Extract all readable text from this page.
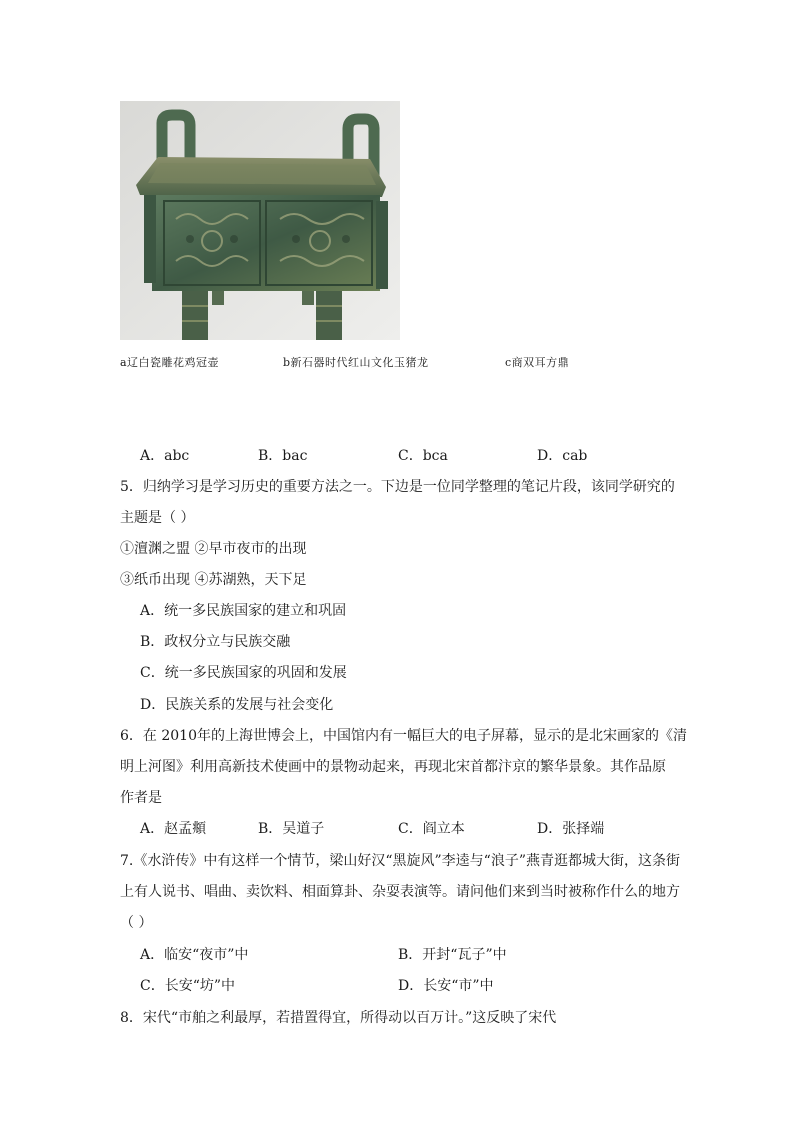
a辽白瓷雕花鸡冠壶	b新石器时代红山文化玉猪龙	c商双耳方鼎
A．abc	B．bac	C．bca	D．cab
5．归纳学习是学习历史的重要方法之一。下边是一位同学整理的笔记片段，该同学研究的
主题是（ ）
①澶渊之盟 ②早市夜市的出现
③纸币出现 ④苏湖熟，天下足
A．统一多民族国家的建立和巩固
B．政权分立与民族交融
C．统一多民族国家的巩固和发展
D．民族关系的发展与社会变化
6．在 2010年的上海世博会上，中国馆内有一幅巨大的电子屏幕，显示的是北宋画家的《清
明上河图》利用高新技术使画中的景物动起来，再现北宋首都汴京的繁华景象。其作品原
作者是
A．赵孟頫	B．吴道子	C．阎立本	D．张择端
7.《水浒传》中有这样一个情节，梁山好汉“黑旋风”李逵与“浪子”燕青逛都城大街，这条街
上有人说书、唱曲、卖饮料、相面算卦、杂耍表演等。请问他们来到当时被称作什么的地方
（ ）
A．临安“夜市”中	B．开封“瓦子”中
C．长安“坊”中	D．长安“市”中
8．宋代“市舶之利最厚，若措置得宜，所得动以百万计。”这反映了宋代
